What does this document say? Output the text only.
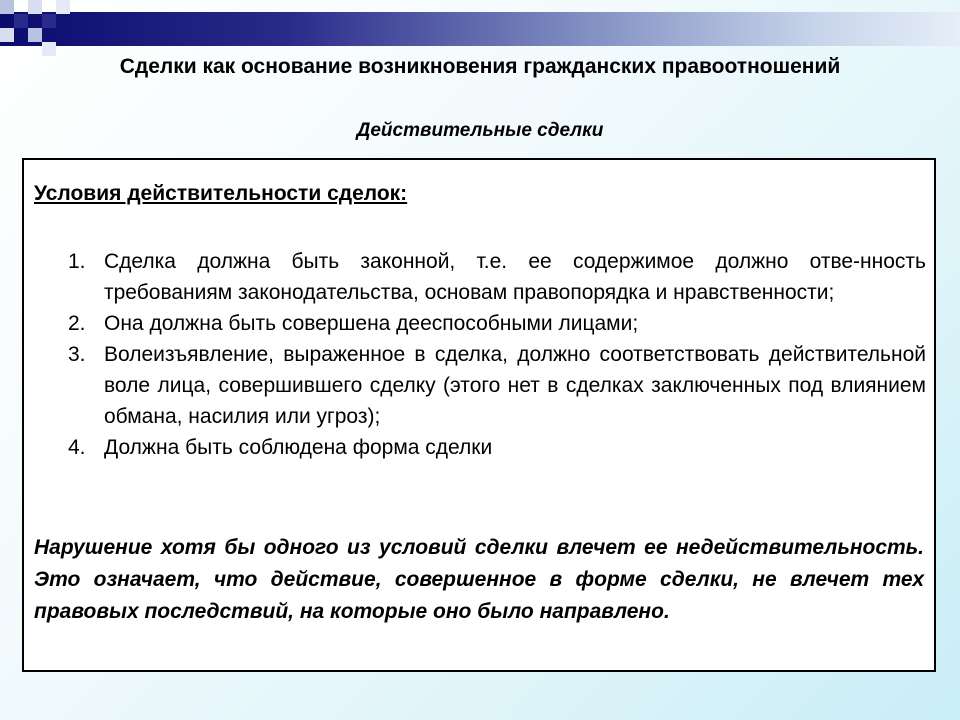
Сделки как основание возникновения гражданских правоотношений
Действительные сделки
Условия действительности сделок:
1. Сделка должна быть законной, т.е. ее содержимое должно отве-нность требованиям законодательства, основам правопорядка и нравственности;
2. Она должна быть совершена дееспособными лицами;
3. Волеизъявление, выраженное в сделка, должно соответствовать действительной воле лица, совершившего сделку (этого нет в сделках заключенных под влиянием обмана, насилия или угроз);
4. Должна быть соблюдена форма сделки
Нарушение хотя бы одного из условий сделки влечет ее недействительность. Это означает, что действие, совершенное в форме сделки, не влечет тех правовых последствий, на которые оно было направлено.
